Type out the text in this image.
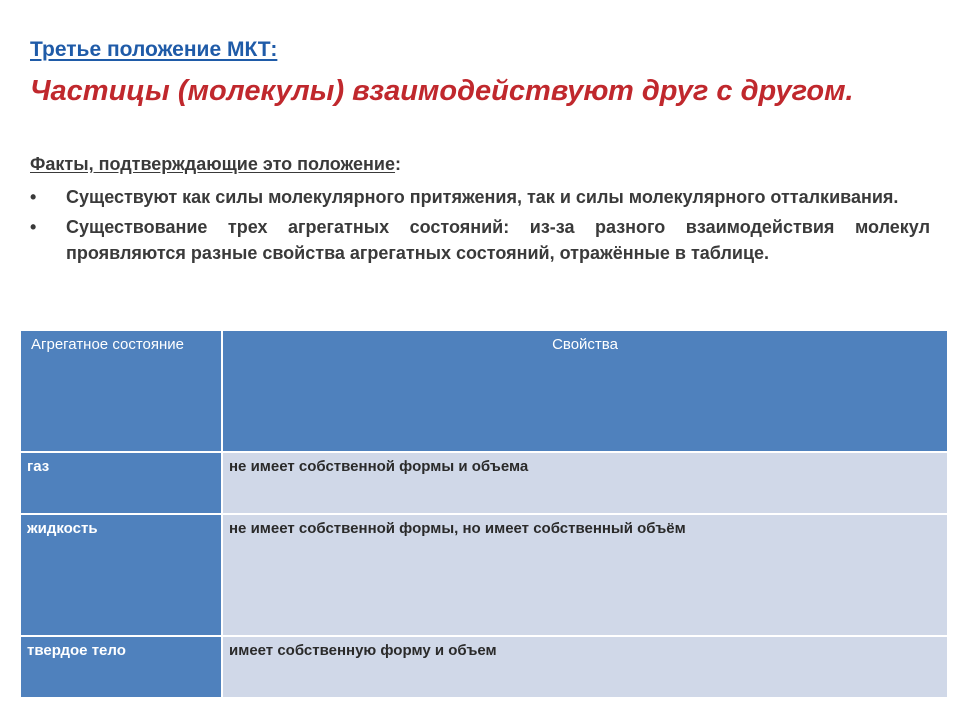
Третье положение МКТ:
Частицы (молекулы) взаимодействуют друг с другом.
Факты, подтверждающие это положение:
• Существуют как силы молекулярного притяжения, так и силы молекулярного отталкивания.
• Существование трех агрегатных состояний: из-за разного взаимодействия молекул проявляются разные свойства агрегатных состояний, отражённые в таблице.
Агрегатное состояние	Свойства
газ	не имеет собственной формы и объема
жидкость	не имеет собственной формы, но имеет собственный объём
твердое тело	имеет собственную форму и объем
